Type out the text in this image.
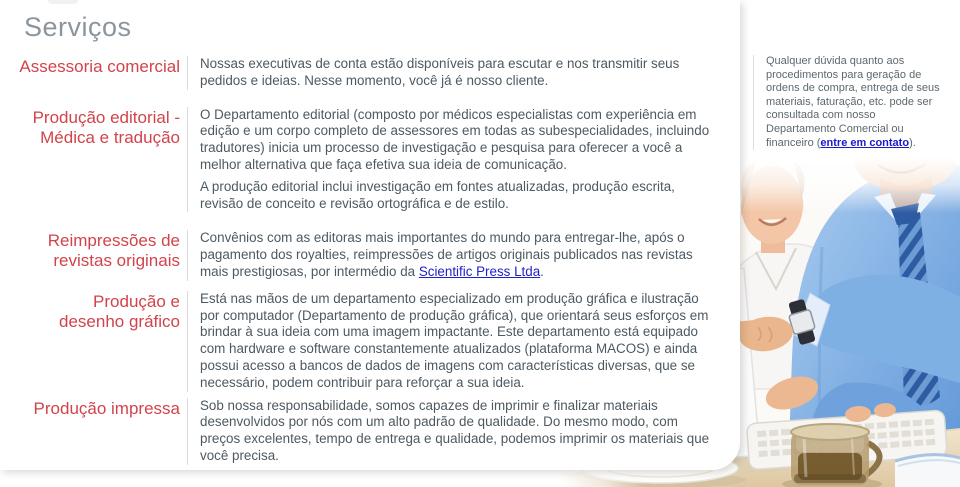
Serviços
Assessoria comercial Nossas executivas de conta estão disponíveis para escutar e nos transmitir seus pedidos e ideias. Nesse momento, você já é nosso cliente.

Produção editorial -
Médica e tradução

O Departamento editorial (composto por médicos especialistas com experiência em edição e um corpo completo de assessores em todas as subespecialidades, incluindo tradutores) inicia um processo de investigação e pesquisa para oferecer a você a melhor alternativa que faça efetiva sua ideia de comunicação.

A produção editorial inclui investigação em fontes atualizadas, produção escrita, revisão de conceito e revisão ortográfica e de estilo.

Reimpressões de
revistas originais

Convênios com as editoras mais importantes do mundo para entregar-lhe, após o pagamento dos royalties, reimpressões de artigos originais publicados nas revistas mais prestigiosas, por intermédio da Scientific Press Ltda.

Produção e
desenho gráfico

Está nas mãos de um departamento especializado em produção gráfica e ilustração por computador (Departamento de produção gráfica), que orientará seus esforços em brindar à sua ideia com uma imagem impactante. Este departamento está equipado com hardware e software constantemente atualizados (plataforma MACOS) e ainda possui acesso a bancos de dados de imagens com características diversas, que se necessário, podem contribuir para reforçar a sua ideia.

Produção impressa Sob nossa responsabilidade, somos capazes de imprimir e finalizar materiais desenvolvidos por nós com um alto padrão de qualidade. Do mesmo modo, com preços excelentes, tempo de entrega e qualidade, podemos imprimir os materiais que você precisa.

Qualquer dúvida quanto aos procedimentos para geração de ordens de compra, entrega de seus materiais, faturação, etc. pode ser consultada com nosso Departamento Comercial ou financeiro (entre em contato).
